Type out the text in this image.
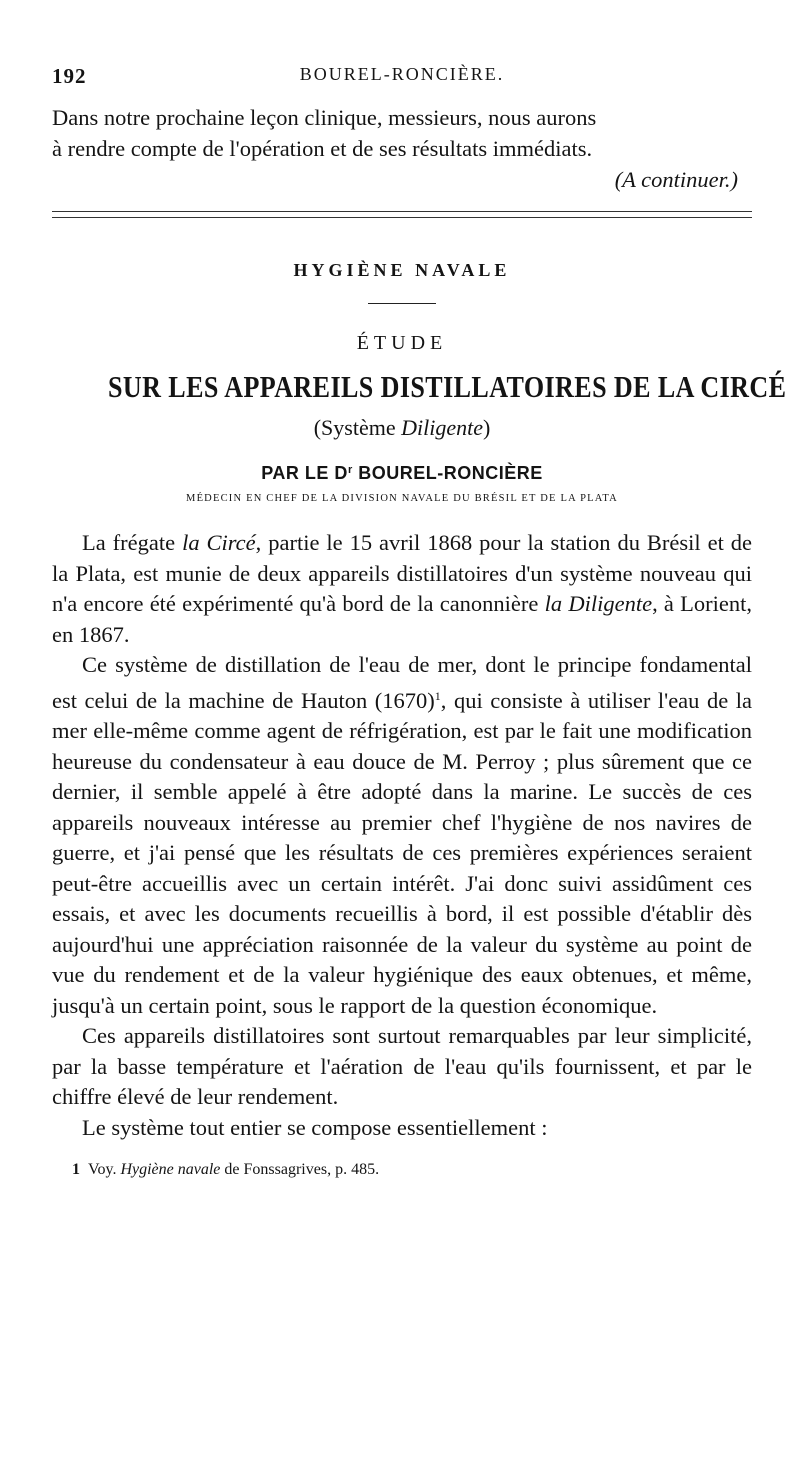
192	BOUREL-RONCIÈRE.

Dans notre prochaine leçon clinique, messieurs, nous aurons

à rendre compte de l'opération et de ses résultats immédiats.

(A continuer.)
HYGIÈNE NAVALE
ÉTUDE
SUR LES APPAREILS DISTILLATOIRES DE LA CIRCÉ
(Système Diligente)
PAR LE $D^r$ BOUREL-RONCIÈRE
MÉDECIN EN CHEF DE LA DIVISION NAVALE DU BRÉSIL ET DE LA PLATA

La frégate la Circé, partie le 15 avril 1868 pour la station du Brésil et de la Plata, est munie de deux appareils distillatoires d'un système nouveau qui n'a encore été expérimenté qu'à bord de la canonnière la Diligente, à Lorient, en 1867.

Ce système de distillation de l'eau de mer, dont le principe fondamental est celui de la machine de Hauton $(1670)^1$, qui consiste à utiliser l'eau de la mer elle-même comme agent de réfrigération, est par le fait une modification heureuse du condensateur à eau douce de M. Perroy ; plus sûrement que ce dernier, il semble appelé à être adopté dans la marine. Le succès de ces appareils nouveaux intéresse au premier chef l'hygiène de nos navires de guerre, et j'ai pensé que les résultats de ces premières expériences seraient peut-être accueillis avec un certain intérêt. J'ai donc suivi assidûment ces essais, et avec les documents recueillis à bord, il est possible d'établir dès aujourd'hui une appréciation raisonnée de la valeur du système au point de vue du rendement et de la valeur hygiénique des eaux obtenues, et même, jusqu'à un certain point, sous le rapport de la question économique.

Ces appareils distillatoires sont surtout remarquables par leur simplicité, par la basse température et l'aération de l'eau qu'ils fournissent, et par le chiffre élevé de leur rendement.

Le système tout entier se compose essentiellement :

1 Voy. Hygiène navale de Fonssagrives, p. 485.
